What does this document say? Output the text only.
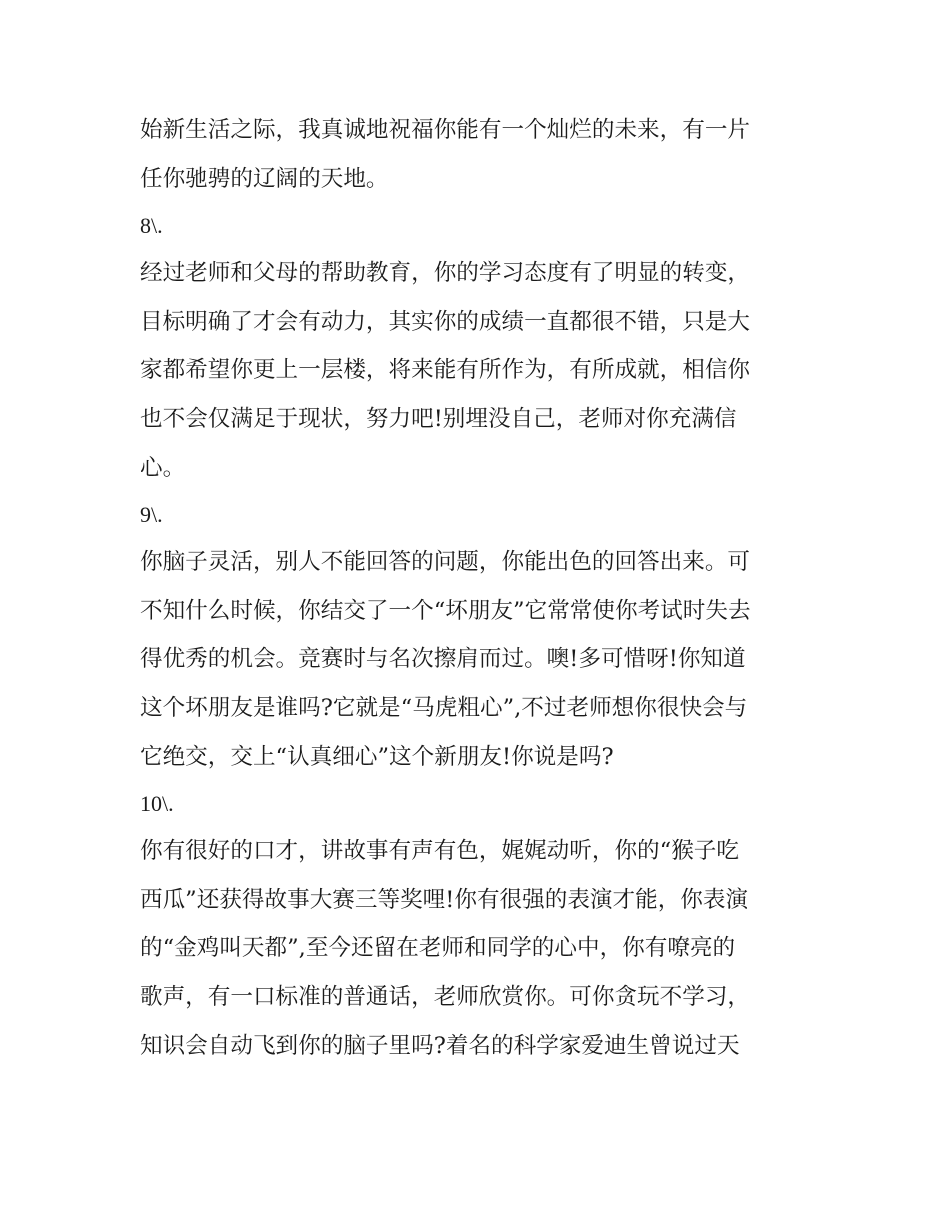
始新生活之际，我真诚地祝福你能有一个灿烂的未来，有一片
任你驰骋的辽阔的天地。
8\.
经过老师和父母的帮助教育，你的学习态度有了明显的转变，
目标明确了才会有动力，其实你的成绩一直都很不错，只是大
家都希望你更上一层楼，将来能有所作为，有所成就，相信你
也不会仅满足于现状，努力吧!别埋没自己，老师对你充满信
心。
9\.
你脑子灵活，别人不能回答的问题，你能出色的回答出来。可
不知什么时候，你结交了一个“坏朋友”它常常使你考试时失去
得优秀的机会。竞赛时与名次擦肩而过。噢!多可惜呀!你知道
这个坏朋友是谁吗?它就是“马虎粗心”,不过老师想你很快会与
它绝交，交上“认真细心”这个新朋友!你说是吗?
10\.
你有很好的口才，讲故事有声有色，娓娓动听，你的“猴子吃
西瓜”还获得故事大赛三等奖哩!你有很强的表演才能，你表演
的“金鸡叫天都”,至今还留在老师和同学的心中，你有嘹亮的
歌声，有一口标准的普通话，老师欣赏你。可你贪玩不学习，
知识会自动飞到你的脑子里吗?着名的科学家爱迪生曾说过天
